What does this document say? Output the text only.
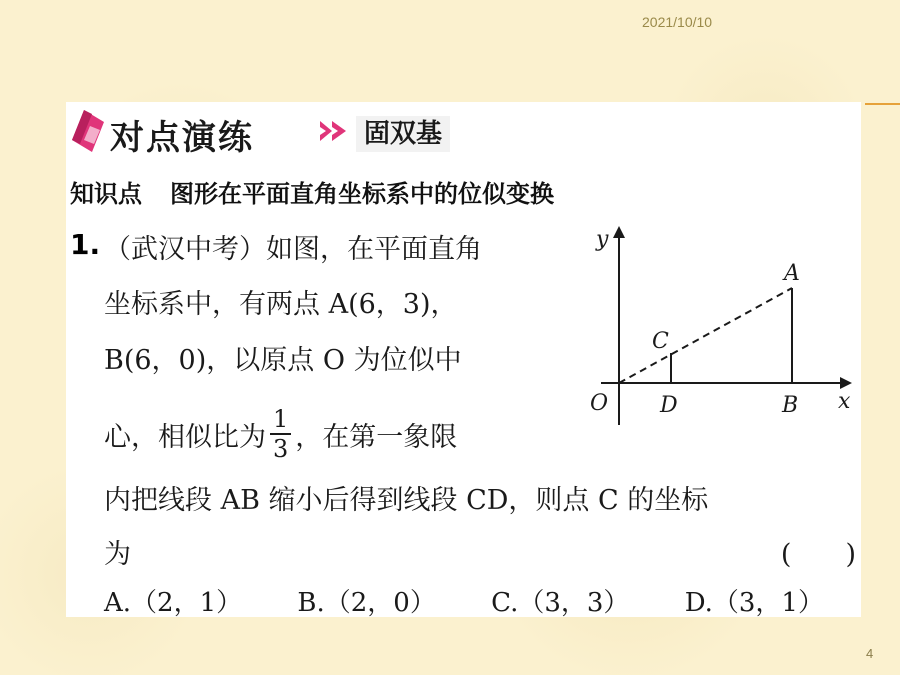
2021/10/10
4
对点演练	固双基
知识点 图形在平面直角坐标系中的位似变换
1. （武汉中考）如图，在平面直角
坐标系中，有两点 A(6，3)，
B(6，0)，以原点 O 为位似中
心，相似比为 $\frac{1}{3}$ ，在第一象限
内把线段 AB 缩小后得到线段 CD，则点 C 的坐标
为	(　　)
A.（2，1） B.（2，0） C.（3，3） D.（3，1）
y
x
O
A
B
C
D
